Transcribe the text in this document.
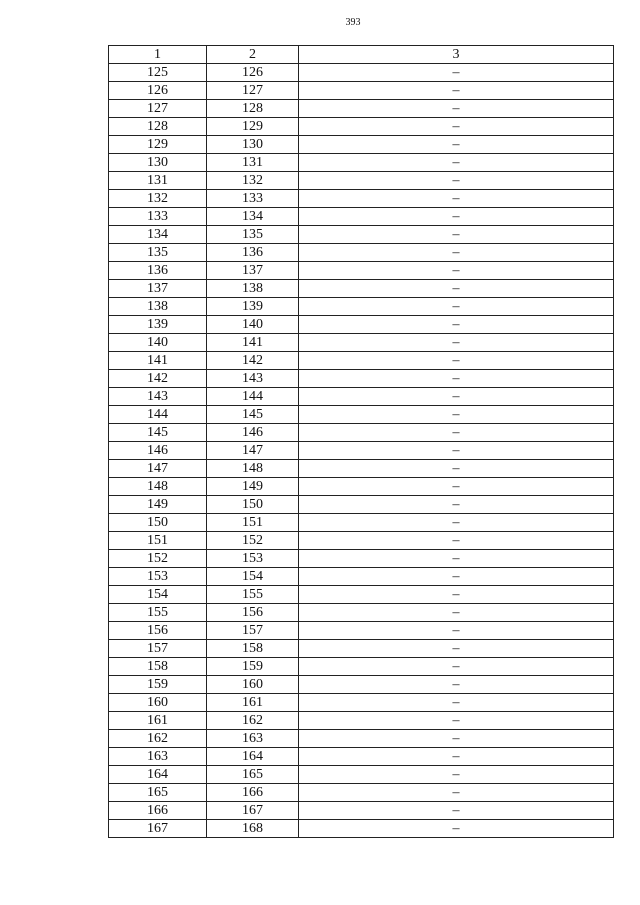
393
1	2	3
125	126	–
126	127	–
127	128	–
128	129	–
129	130	–
130	131	–
131	132	–
132	133	–
133	134	–
134	135	–
135	136	–
136	137	–
137	138	–
138	139	–
139	140	–
140	141	–
141	142	–
142	143	–
143	144	–
144	145	–
145	146	–
146	147	–
147	148	–
148	149	–
149	150	–
150	151	–
151	152	–
152	153	–
153	154	–
154	155	–
155	156	–
156	157	–
157	158	–
158	159	–
159	160	–
160	161	–
161	162	–
162	163	–
163	164	–
164	165	–
165	166	–
166	167	–
167	168	–
